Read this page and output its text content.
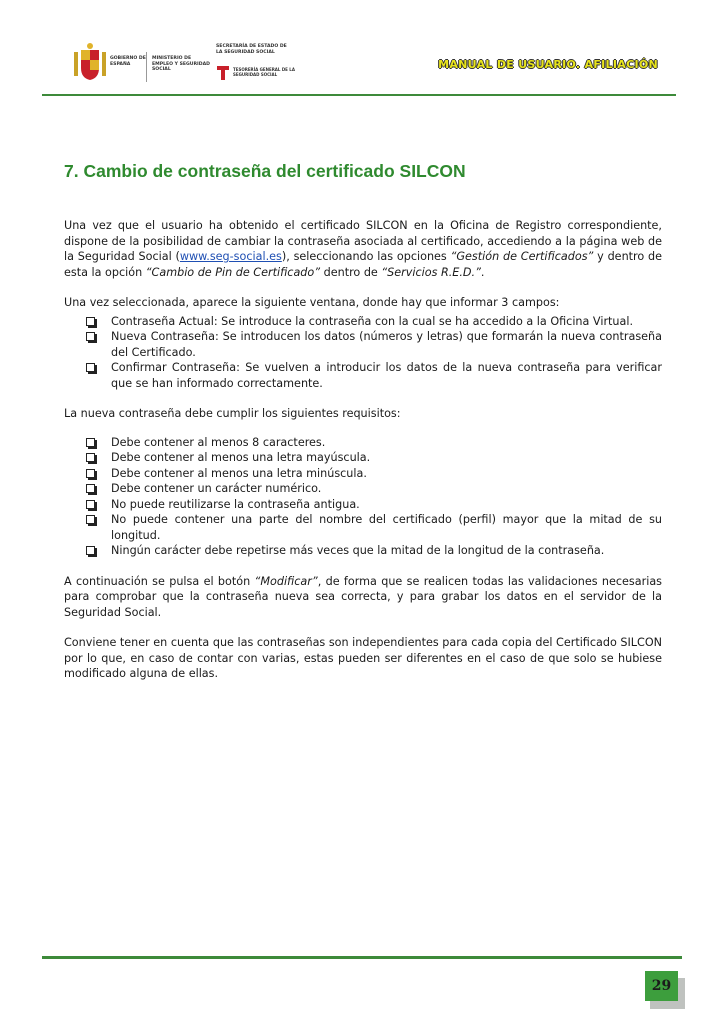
GOBIERNO DE ESPAÑA
MINISTERIO DE EMPLEO Y SEGURIDAD SOCIAL
SECRETARÍA DE ESTADO DE LA SEGURIDAD SOCIAL
TESORERÍA GENERAL DE LA SEGURIDAD SOCIAL
MANUAL DE USUARIO. AFILIACIÓN
7. Cambio de contraseña del certificado SILCON

Una vez que el usuario ha obtenido el certificado SILCON en la Oficina de Registro correspondiente, dispone de la posibilidad de cambiar la contraseña asociada al certificado, accediendo a la página web de la Seguridad Social (www.seg-social.es), seleccionando las opciones “Gestión de Certificados” y dentro de esta la opción “Cambio de Pin de Certificado” dentro de “Servicios R.E.D.”.

Una vez seleccionada, aparece la siguiente ventana, donde hay que informar 3 campos:

Contraseña Actual: Se introduce la contraseña con la cual se ha accedido a la Oficina Virtual.
Nueva Contraseña: Se introducen los datos (números y letras) que formarán la nueva contraseña del Certificado.
Confirmar Contraseña: Se vuelven a introducir los datos de la nueva contraseña para verificar que se han informado correctamente.

La nueva contraseña debe cumplir los siguientes requisitos:

Debe contener al menos 8 caracteres.
Debe contener al menos una letra mayúscula.
Debe contener al menos una letra minúscula.
Debe contener un carácter numérico.
No puede reutilizarse la contraseña antigua.
No puede contener una parte del nombre del certificado (perfil) mayor que la mitad de su longitud.
Ningún carácter debe repetirse más veces que la mitad de la longitud de la contraseña.

A continuación se pulsa el botón “Modificar”, de forma que se realicen todas las validaciones necesarias para comprobar que la contraseña nueva sea correcta, y para grabar los datos en el servidor de la Seguridad Social.

Conviene tener en cuenta que las contraseñas son independientes para cada copia del Certificado SILCON por lo que, en caso de contar con varias, estas pueden ser diferentes en el caso de que solo se hubiese modificado alguna de ellas.

29
